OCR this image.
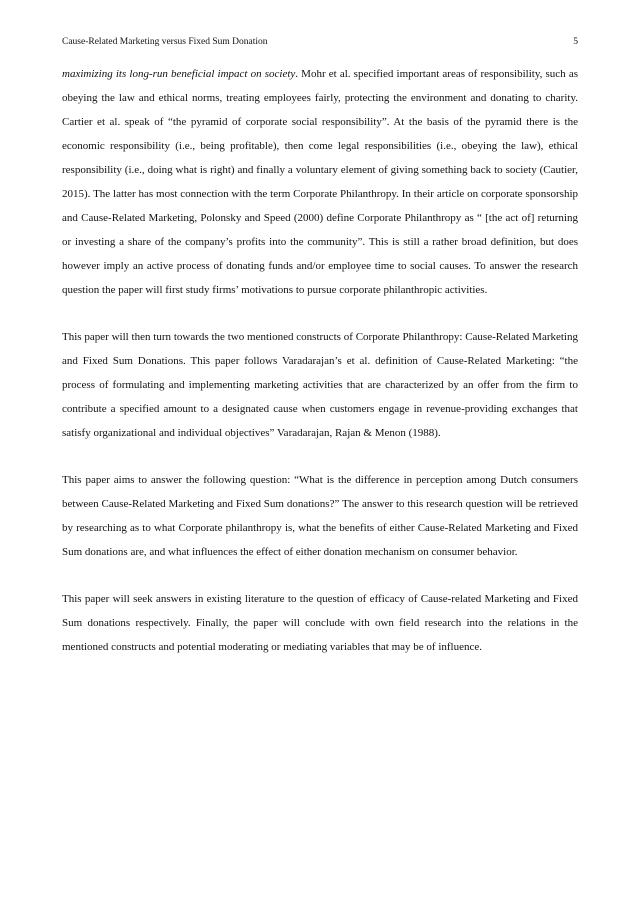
Cause-Related Marketing versus Fixed Sum Donation	5

maximizing its long-run beneficial impact on society. Mohr et al. specified important areas of responsibility, such as obeying the law and ethical norms, treating employees fairly, protecting the environment and donating to charity. Cartier et al. speak of “the pyramid of corporate social responsibility”. At the basis of the pyramid there is the economic responsibility (i.e., being profitable), then come legal responsibilities (i.e., obeying the law), ethical responsibility (i.e., doing what is right) and finally a voluntary element of giving something back to society (Cautier, 2015). The latter has most connection with the term Corporate Philanthropy. In their article on corporate sponsorship and Cause-Related Marketing, Polonsky and Speed (2000) define Corporate Philanthropy as “ [the act of] returning or investing a share of the company’s profits into the community”. This is still a rather broad definition, but does however imply an active process of donating funds and/or employee time to social causes. To answer the research question the paper will first study firms’ motivations to pursue corporate philanthropic activities.

This paper will then turn towards the two mentioned constructs of Corporate Philanthropy: Cause-Related Marketing and Fixed Sum Donations. This paper follows Varadarajan’s et al. definition of Cause-Related Marketing: “the process of formulating and implementing marketing activities that are characterized by an offer from the firm to contribute a specified amount to a designated cause when customers engage in revenue-providing exchanges that satisfy organizational and individual objectives” Varadarajan, Rajan & Menon (1988).

This paper aims to answer the following question: “What is the difference in perception among Dutch consumers between Cause-Related Marketing and Fixed Sum donations?” The answer to this research question will be retrieved by researching as to what Corporate philanthropy is, what the benefits of either Cause-Related Marketing and Fixed Sum donations are, and what influences the effect of either donation mechanism on consumer behavior.

This paper will seek answers in existing literature to the question of efficacy of Cause-related Marketing and Fixed Sum donations respectively. Finally, the paper will conclude with own field research into the relations in the mentioned constructs and potential moderating or mediating variables that may be of influence.
